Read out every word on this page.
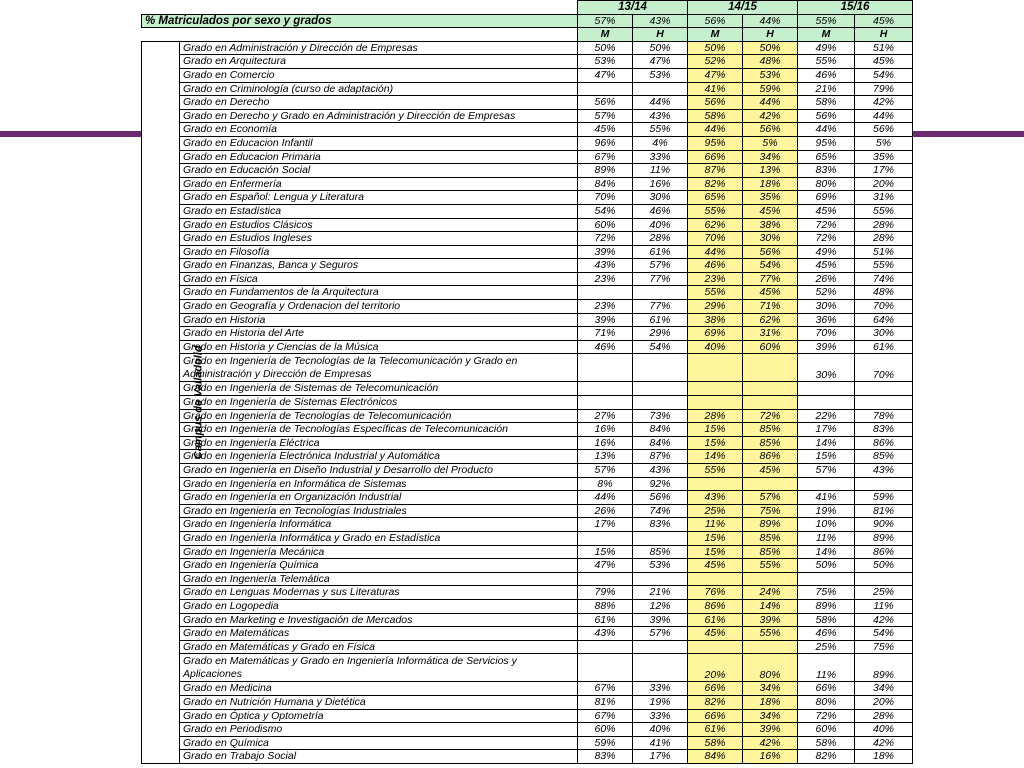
		13/14		14/15		15/16	
% Matriculados por sexo y grados		57%	43%	56%	44%	55%	45%
		M	H	M	H	M	H
Campus de Valladolid	Grado en Administración y Dirección de Empresas	50%	50%	50%	50%	49%	51%
	Grado en Arquitectura	53%	47%	52%	48%	55%	45%
	Grado en Comercio	47%	53%	47%	53%	46%	54%
	Grado en Criminología (curso de adaptación)			41%	59%	21%	79%
	Grado en Derecho	56%	44%	56%	44%	58%	42%
	Grado en Derecho y Grado en Administración y Dirección de Empresas	57%	43%	58%	42%	56%	44%
	Grado en Economía	45%	55%	44%	56%	44%	56%
	Grado en Educacion Infantil	96%	4%	95%	5%	95%	5%
	Grado en Educacion Primaria	67%	33%	66%	34%	65%	35%
	Grado en Educación Social	89%	11%	87%	13%	83%	17%
	Grado en Enfermería	84%	16%	82%	18%	80%	20%
	Grado en Español: Lengua y Literatura	70%	30%	65%	35%	69%	31%
	Grado en Estadística	54%	46%	55%	45%	45%	55%
	Grado en Estudios Clásicos	60%	40%	62%	38%	72%	28%
	Grado en Estudios Ingleses	72%	28%	70%	30%	72%	28%
	Grado en Filosofía	39%	61%	44%	56%	49%	51%
	Grado en Finanzas, Banca y Seguros	43%	57%	46%	54%	45%	55%
	Grado en Física	23%	77%	23%	77%	26%	74%
	Grado en Fundamentos de la Arquitectura			55%	45%	52%	48%
	Grado en Geografía y Ordenacion del territorio	23%	77%	29%	71%	30%	70%
	Grado en Historia	39%	61%	38%	62%	36%	64%
	Grado en Historia del Arte	71%	29%	69%	31%	70%	30%
	Grado en Historia y Ciencias de la Música	46%	54%	40%	60%	39%	61%
	Grado en Ingeniería de Tecnologías de la Telecomunicación y Grado en Administración y Dirección de Empresas					30%	70%
	Grado en Ingeniería de Sistemas de Telecomunicación						
	Grado en Ingeniería de Sistemas Electrónicos						
	Grado en Ingeniería de Tecnologías de Telecomunicación	27%	73%	28%	72%	22%	78%
	Grado en Ingeniería de Tecnologías Específicas de Telecomunicación	16%	84%	15%	85%	17%	83%
	Grado en Ingeniería Eléctrica	16%	84%	15%	85%	14%	86%
	Grado en Ingeniería Electrónica Industrial y Automática	13%	87%	14%	86%	15%	85%
	Grado en Ingeniería en Diseño Industrial y Desarrollo del Producto	57%	43%	55%	45%	57%	43%
	Grado en Ingeniería en Informática de Sistemas	8%	92%				
	Grado en Ingeniería en Organización Industrial	44%	56%	43%	57%	41%	59%
	Grado en Ingeniería en Tecnologías Industriales	26%	74%	25%	75%	19%	81%
	Grado en Ingeniería Informática	17%	83%	11%	89%	10%	90%
	Grado en Ingeniería Informática y Grado en Estadística			15%	85%	11%	89%
	Grado en Ingeniería Mecánica	15%	85%	15%	85%	14%	86%
	Grado en Ingeniería Química	47%	53%	45%	55%	50%	50%
	Grado en Ingeniería Telemática						
	Grado en Lenguas Modernas y sus Literaturas	79%	21%	76%	24%	75%	25%
	Grado en Logopedia	88%	12%	86%	14%	89%	11%
	Grado en Marketing e Investigación de Mercados	61%	39%	61%	39%	58%	42%
	Grado en Matemáticas	43%	57%	45%	55%	46%	54%
	Grado en Matemáticas y Grado en Física					25%	75%
	Grado en Matemáticas y Grado en Ingeniería Informática de Servicios y Aplicaciones			20%	80%	11%	89%
	Grado en Medicina	67%	33%	66%	34%	66%	34%
	Grado en Nutrición Humana y Dietética	81%	19%	82%	18%	80%	20%
	Grado en Óptica y Optometría	67%	33%	66%	34%	72%	28%
	Grado en Periodismo	60%	40%	61%	39%	60%	40%
	Grado en Química	59%	41%	58%	42%	58%	42%
	Grado en Trabajo Social	83%	17%	84%	16%	82%	18%
